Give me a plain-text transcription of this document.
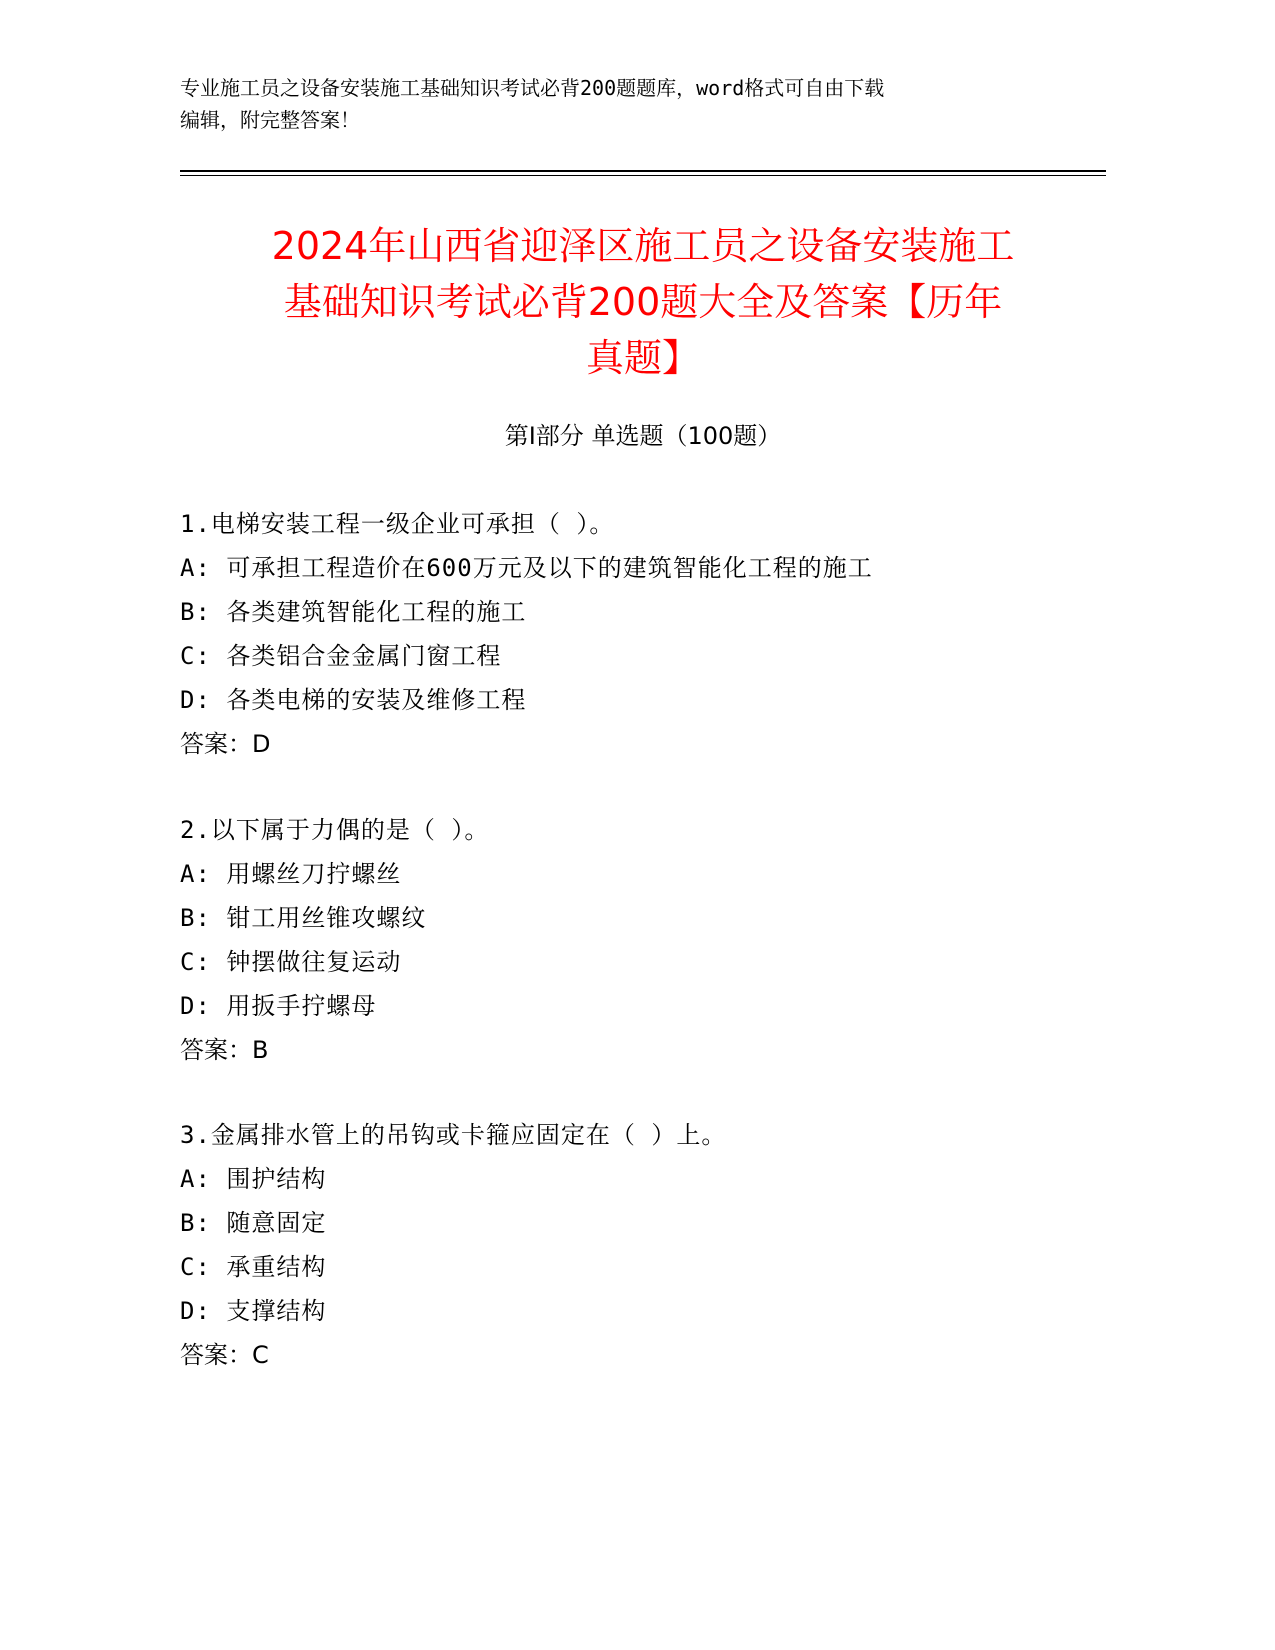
专业施工员之设备安装施工基础知识考试必背200题题库，word格式可自由下载
编辑，附完整答案！
2024年山西省迎泽区施工员之设备安装施工
基础知识考试必背200题大全及答案【历年
真题】
第Ⅰ部分 单选题（100题）
1.电梯安装工程一级企业可承担（ ）。
A: 可承担工程造价在600万元及以下的建筑智能化工程的施工
B: 各类建筑智能化工程的施工
C: 各类铝合金金属门窗工程
D: 各类电梯的安装及维修工程
答案：D
2.以下属于力偶的是（ ）。
A: 用螺丝刀拧螺丝
B: 钳工用丝锥攻螺纹
C: 钟摆做往复运动
D: 用扳手拧螺母
答案：B
3.金属排水管上的吊钩或卡箍应固定在（ ）上。
A: 围护结构
B: 随意固定
C: 承重结构
D: 支撑结构
答案：C
